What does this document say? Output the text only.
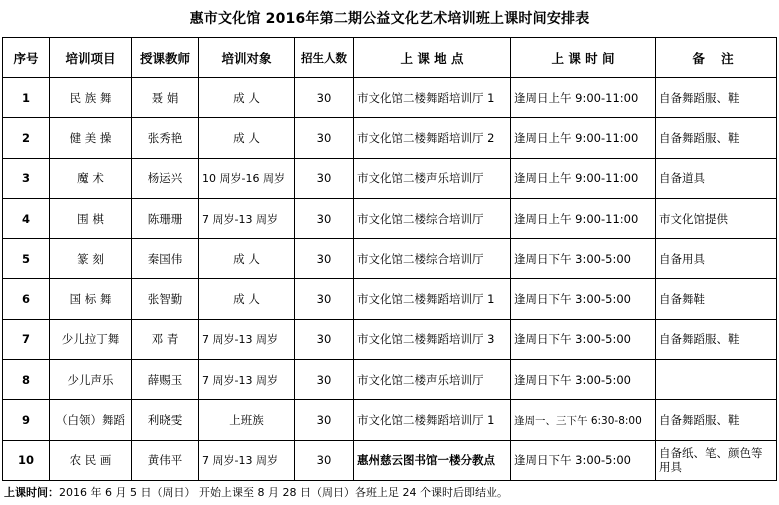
惠市文化馆 2016年第二期公益文化艺术培训班上课时间安排表
序号	培训项目	授课教师	培训对象	招生人数	上 课 地 点	上 课 时 间	备 注
1	民 族 舞	聂 娟	成 人	30	市文化馆二楼舞蹈培训厅 1	逢周日上午 9:00-11:00	自备舞蹈服、鞋
2	健 美 操	张秀艳	成 人	30	市文化馆二楼舞蹈培训厅 2	逢周日上午 9:00-11:00	自备舞蹈服、鞋
3	魔 术	杨运兴	10 周岁-16 周岁	30	市文化馆二楼声乐培训厅	逢周日上午 9:00-11:00	自备道具
4	围 棋	陈珊珊	7 周岁-13 周岁	30	市文化馆二楼综合培训厅	逢周日上午 9:00-11:00	市文化馆提供
5	篆 刻	秦国伟	成 人	30	市文化馆二楼综合培训厅	逢周日下午 3:00-5:00	自备用具
6	国 标 舞	张智勤	成 人	30	市文化馆二楼舞蹈培训厅 1	逢周日下午 3:00-5:00	自备舞鞋
7	少儿拉丁舞	邓 青	7 周岁-13 周岁	30	市文化馆二楼舞蹈培训厅 3	逢周日下午 3:00-5:00	自备舞蹈服、鞋
8	少儿声乐	薛赐玉	7 周岁-13 周岁	30	市文化馆二楼声乐培训厅	逢周日下午 3:00-5:00	
9	（白领）舞蹈	利晓雯	上班族	30	市文化馆二楼舞蹈培训厅 1	逢周一、三下午 6:30-8:00	自备舞蹈服、鞋
10	农 民 画	黄伟平	7 周岁-13 周岁	30	惠州慈云图书馆一楼分教点	逢周日下午 3:00-5:00	自备纸、笔、颜色等用具
上课时间：2016 年 6 月 5 日（周日） 开始上课至 8 月 28 日（周日）各班上足 24 个课时后即结业。
